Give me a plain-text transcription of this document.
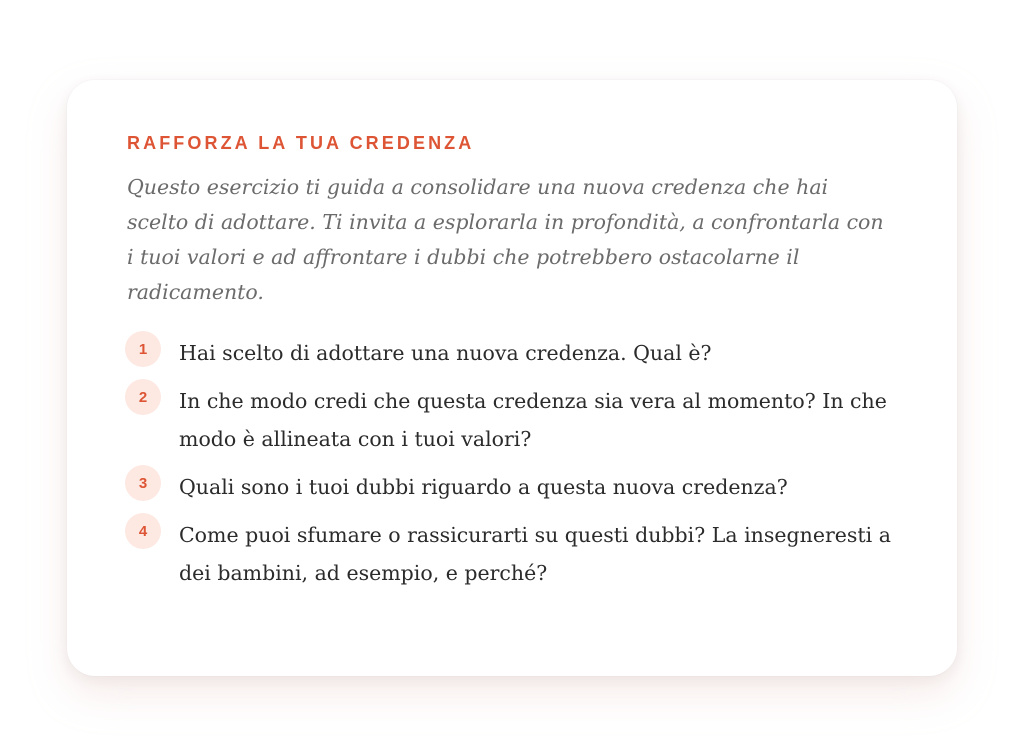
RAFFORZA LA TUA CREDENZA

Questo esercizio ti guida a consolidare una nuova credenza che hai scelto di adottare. Ti invita a esplorarla in profondità, a confrontarla con i tuoi valori e ad affrontare i dubbi che potrebbero ostacolarne il radicamento.

1	Hai scelto di adottare una nuova credenza. Qual è?
2	In che modo credi che questa credenza sia vera al momento? In che modo è allineata con i tuoi valori?
3	Quali sono i tuoi dubbi riguardo a questa nuova credenza?
4	Come puoi sfumare o rassicurarti su questi dubbi? La insegneresti a dei bambini, ad esempio, e perché?
